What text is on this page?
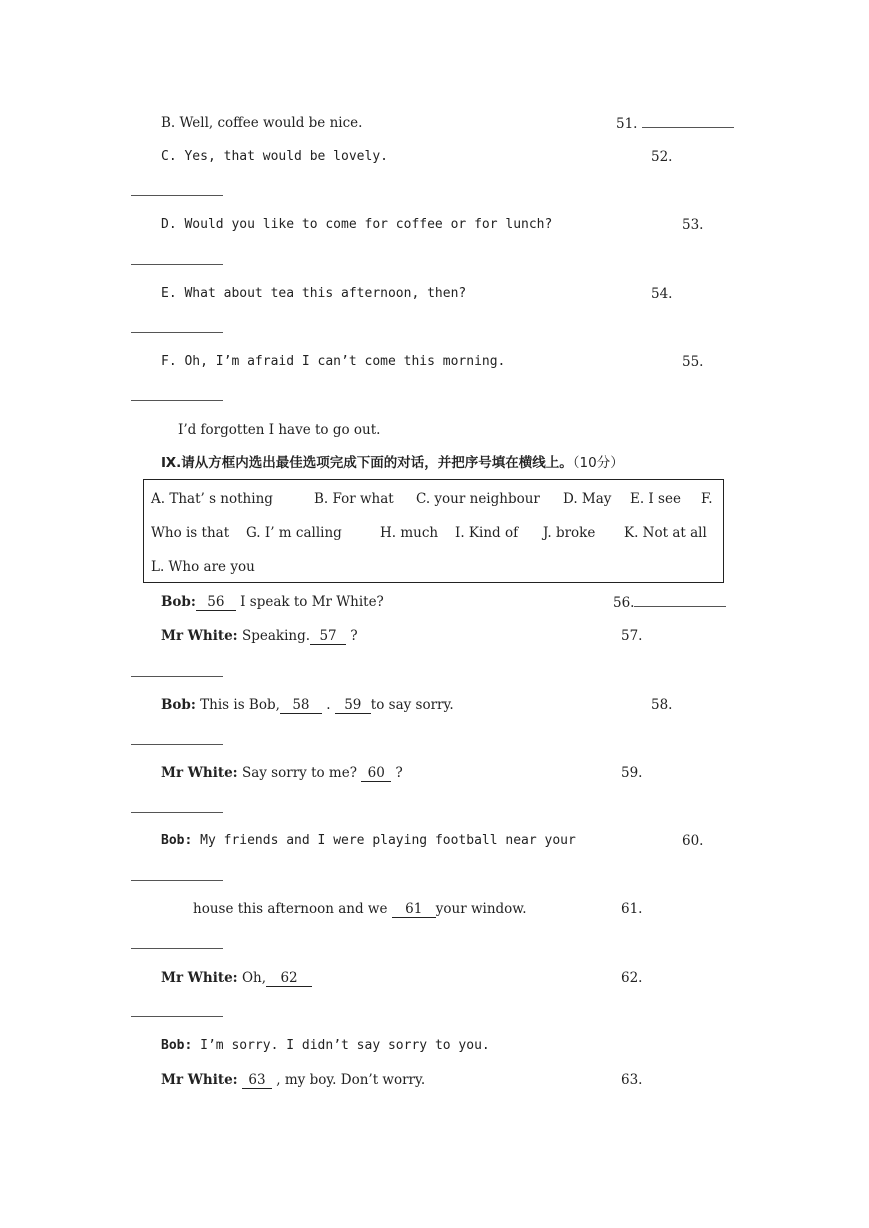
B. Well, coffee would be nice.	51.
C. Yes, that would be lovely.	52.
D. Would you like to come for coffee or for lunch?	53.
E. What about tea this afternoon, then?	54.
F. Oh, I’m afraid I can’t come this morning.	55.
I’d forgotten I have to go out.
Ⅸ.请从方框内选出最佳选项完成下面的对话，并把序号填在横线上。（10分）
A. That’ s nothing	B. For what C. your neighbour D. May E. I see F.
Who is that G. I’ m calling	H. much I. Kind of J. broke K. Not at all
L. Who are you
Bob: 56 I speak to Mr White?	56.
Mr White: Speaking. 57 ?	57.
Bob: This is Bob, 58 . 59 to say sorry.	58.
Mr White: Say sorry to me? 60 ?	59.
Bob: My friends and I were playing football near your	60.
house this afternoon and we 61 your window.	61.
Mr White: Oh, 62	62.
Bob: I’m sorry. I didn’t say sorry to you.
Mr White: 63 , my boy. Don’t worry.	63.
